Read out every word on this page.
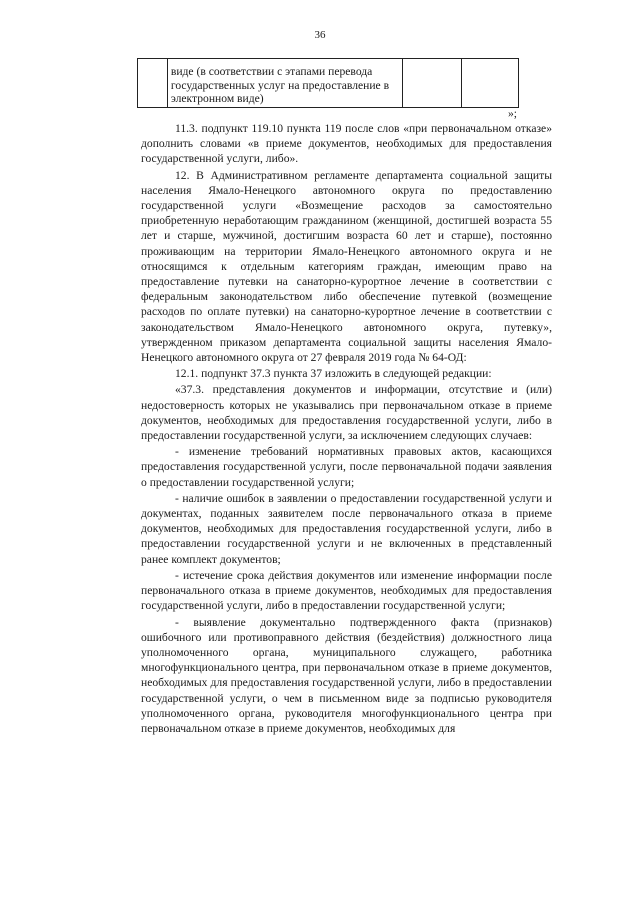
36

виде (в соответствии с этапами перевода
государственных услуг на предоставление в
электронном виде)

»;

11.3. подпункт 119.10 пункта 119 после слов «при первоначальном отказе» дополнить словами «в приеме документов, необходимых для предоставления государственной услуги, либо».

12. В Административном регламенте департамента социальной защиты населения Ямало-Ненецкого автономного округа по предоставлению государственной услуги «Возмещение расходов за самостоятельно приобретенную неработающим гражданином (женщиной, достигшей возраста 55 лет и старше, мужчиной, достигшим возраста 60 лет и старше), постоянно проживающим на территории Ямало-Ненецкого автономного округа и не относящимся к отдельным категориям граждан, имеющим право на предоставление путевки на санаторно-курортное лечение в соответствии с федеральным законодательством либо обеспечение путевкой (возмещение расходов по оплате путевки) на санаторно-курортное лечение в соответствии с законодательством Ямало-Ненецкого автономного округа, путевку», утвержденном приказом департамента социальной защиты населения Ямало-Ненецкого автономного округа от 27 февраля 2019 года № 64-ОД:

12.1. подпункт 37.3 пункта 37 изложить в следующей редакции:

«37.3. представления документов и информации, отсутствие и (или) недостоверность которых не указывались при первоначальном отказе в приеме документов, необходимых для предоставления государственной услуги, либо в предоставлении государственной услуги, за исключением следующих случаев:

- изменение требований нормативных правовых актов, касающихся предоставления государственной услуги, после первоначальной подачи заявления о предоставлении государственной услуги;

- наличие ошибок в заявлении о предоставлении государственной услуги и документах, поданных заявителем после первоначального отказа в приеме документов, необходимых для предоставления государственной услуги, либо в предоставлении государственной услуги и не включенных в представленный ранее комплект документов;

- истечение срока действия документов или изменение информации после первоначального отказа в приеме документов, необходимых для предоставления государственной услуги, либо в предоставлении государственной услуги;

- выявление документально подтвержденного факта (признаков) ошибочного или противоправного действия (бездействия) должностного лица уполномоченного органа, муниципального служащего, работника многофункционального центра, при первоначальном отказе в приеме документов, необходимых для предоставления государственной услуги, либо в предоставлении государственной услуги, о чем в письменном виде за подписью руководителя уполномоченного органа, руководителя многофункционального центра при первоначальном отказе в приеме документов, необходимых для
